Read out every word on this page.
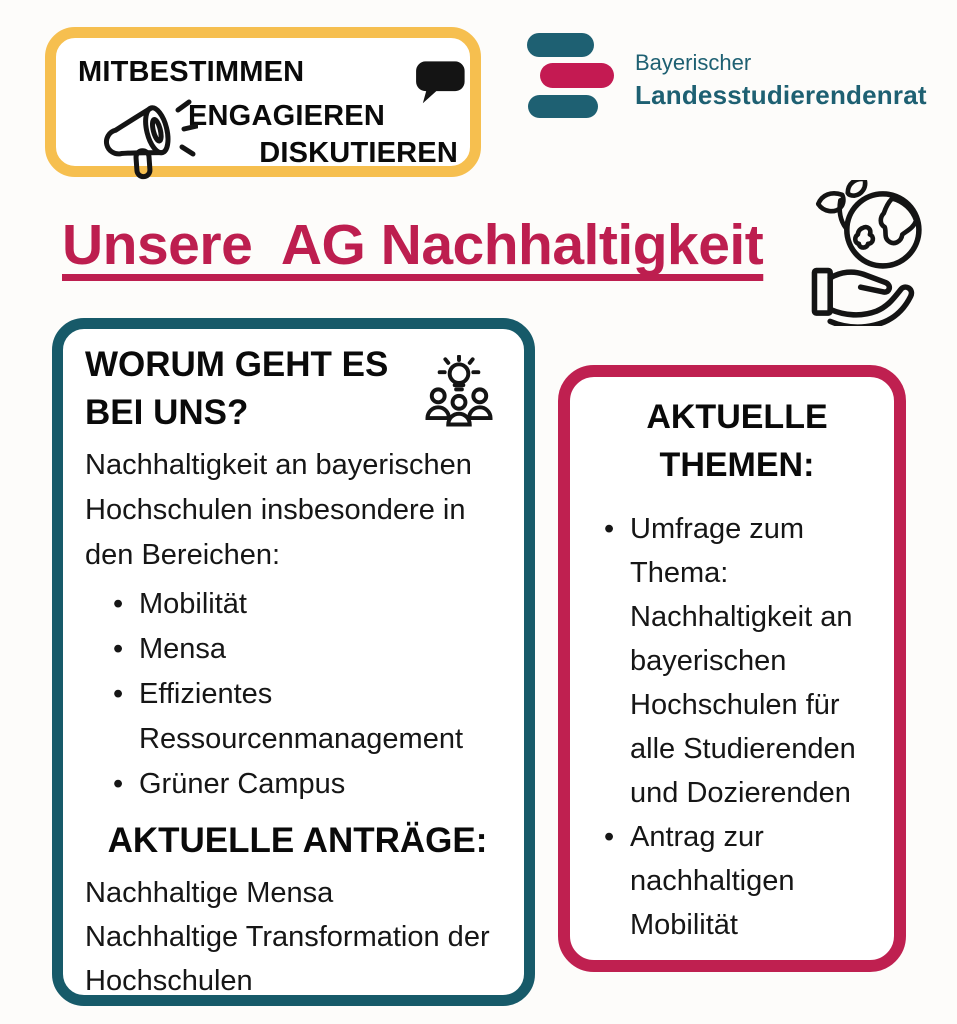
MITBESTIMMEN
ENGAGIEREN
DISKUTIEREN
Bayerischer
Landesstudierendenrat
Unsere  AG Nachhaltigkeit
WORUM GEHT ES BEI UNS?

Nachhaltigkeit an bayerischen Hochschulen insbesondere in den Bereichen:

• Mobilität
• Mensa
• Effizientes Ressourcenmanagement
• Grüner Campus
AKTUELLE ANTRÄGE:

Nachhaltige Mensa

Nachhaltige Transformation der Hochschulen

AKTUELLE THEMEN:
• Umfrage zum Thema: Nachhaltigkeit an bayerischen Hochschulen für alle Studierenden und Dozierenden
• Antrag zur nachhaltigen Mobilität
